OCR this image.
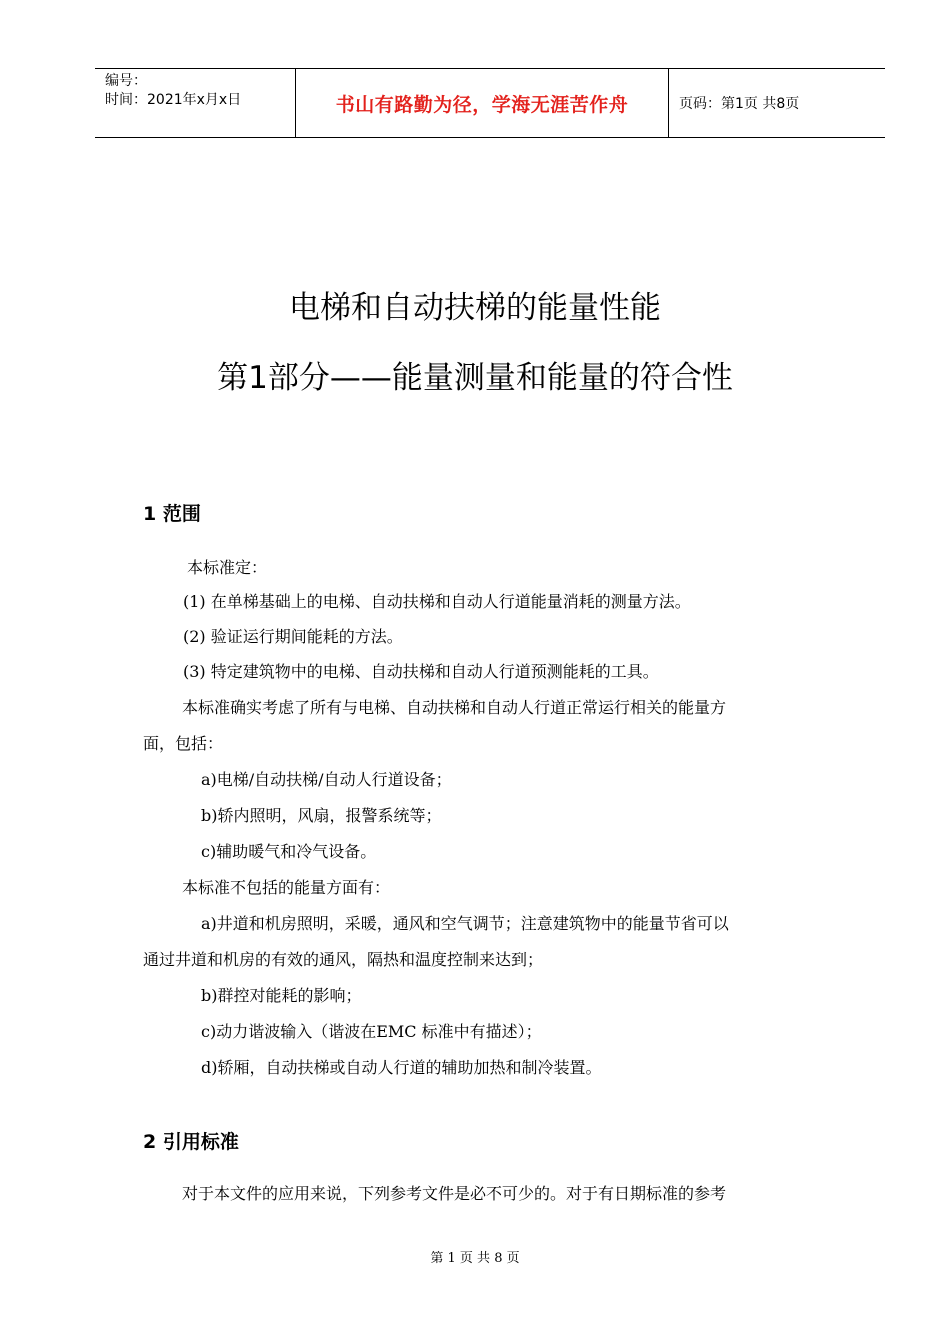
编号：
时间：2021年x月x日	书山有路勤为径，学海无涯苦作舟	页码：第1页 共8页
电梯和自动扶梯的能量性能
第1部分——能量测量和能量的符合性
1 范围
本标准定：
(1) 在单梯基础上的电梯、自动扶梯和自动人行道能量消耗的测量方法。
(2) 验证运行期间能耗的方法。
(3) 特定建筑物中的电梯、自动扶梯和自动人行道预测能耗的工具。
本标准确实考虑了所有与电梯、自动扶梯和自动人行道正常运行相关的能量方
面，包括：
a)电梯/自动扶梯/自动人行道设备；
b)轿内照明，风扇，报警系统等；
c)辅助暖气和冷气设备。
本标准不包括的能量方面有：
a)井道和机房照明，采暖，通风和空气调节；注意建筑物中的能量节省可以
通过井道和机房的有效的通风，隔热和温度控制来达到；
b)群控对能耗的影响；
c)动力谐波输入（谐波在EMC 标准中有描述）；
d)轿厢，自动扶梯或自动人行道的辅助加热和制冷装置。
2 引用标准
对于本文件的应用来说，下列参考文件是必不可少的。对于有日期标准的参考
第 1 页 共 8 页
